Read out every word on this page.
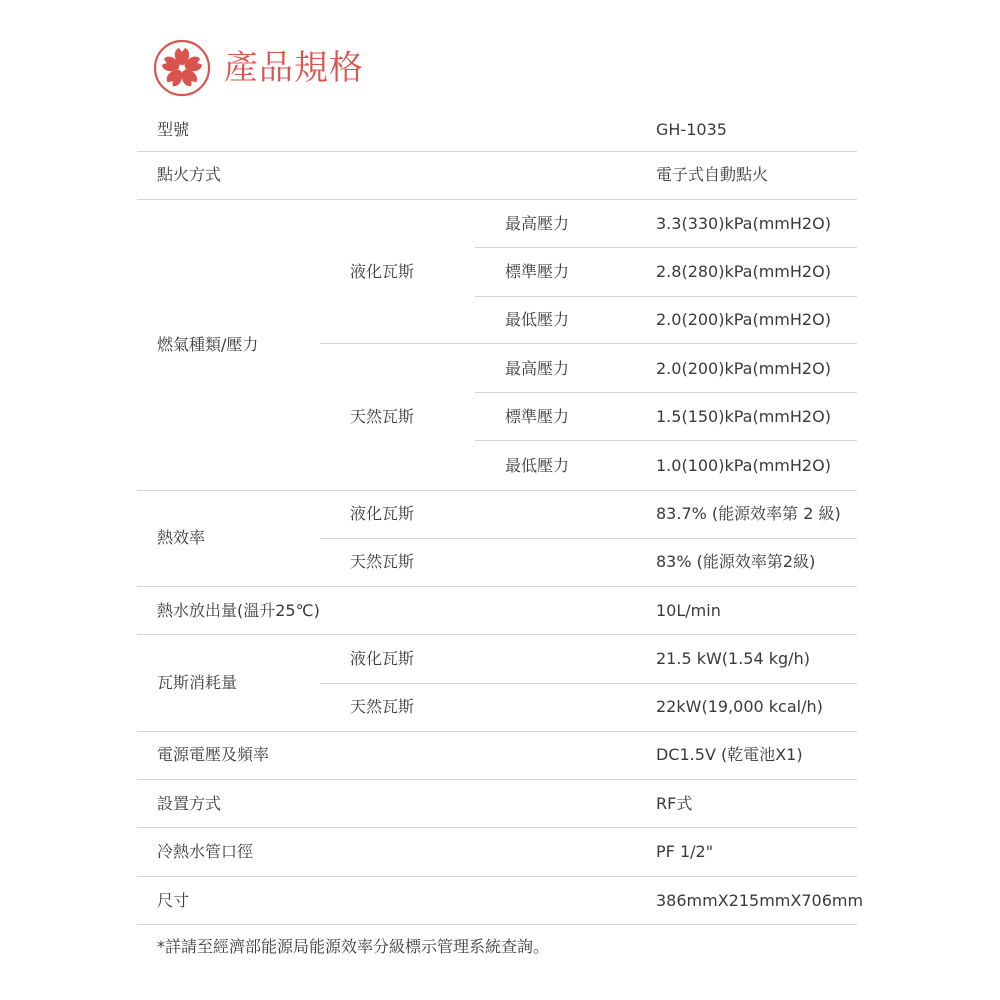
產品規格
型號	GH-1035
點火方式	電子式自動點火
燃氣種類/壓力
液化瓦斯
最高壓力	3.3(330)kPa(mmH2O)
標準壓力	2.8(280)kPa(mmH2O)
最低壓力	2.0(200)kPa(mmH2O)
天然瓦斯
最高壓力	2.0(200)kPa(mmH2O)
標準壓力	1.5(150)kPa(mmH2O)
最低壓力	1.0(100)kPa(mmH2O)
熱效率
液化瓦斯	83.7% (能源效率第 2 級)
天然瓦斯	83% (能源效率第2級)
熱水放出量(溫升25℃)	10L/min
瓦斯消耗量
液化瓦斯	21.5 kW(1.54 kg/h)
天然瓦斯	22kW(19,000 kcal/h)
電源電壓及頻率	DC1.5V (乾電池X1)
設置方式	RF式
冷熱水管口徑	PF 1/2"
尺寸	386mmX215mmX706mm
*詳請至經濟部能源局能源效率分級標示管理系統查詢。
